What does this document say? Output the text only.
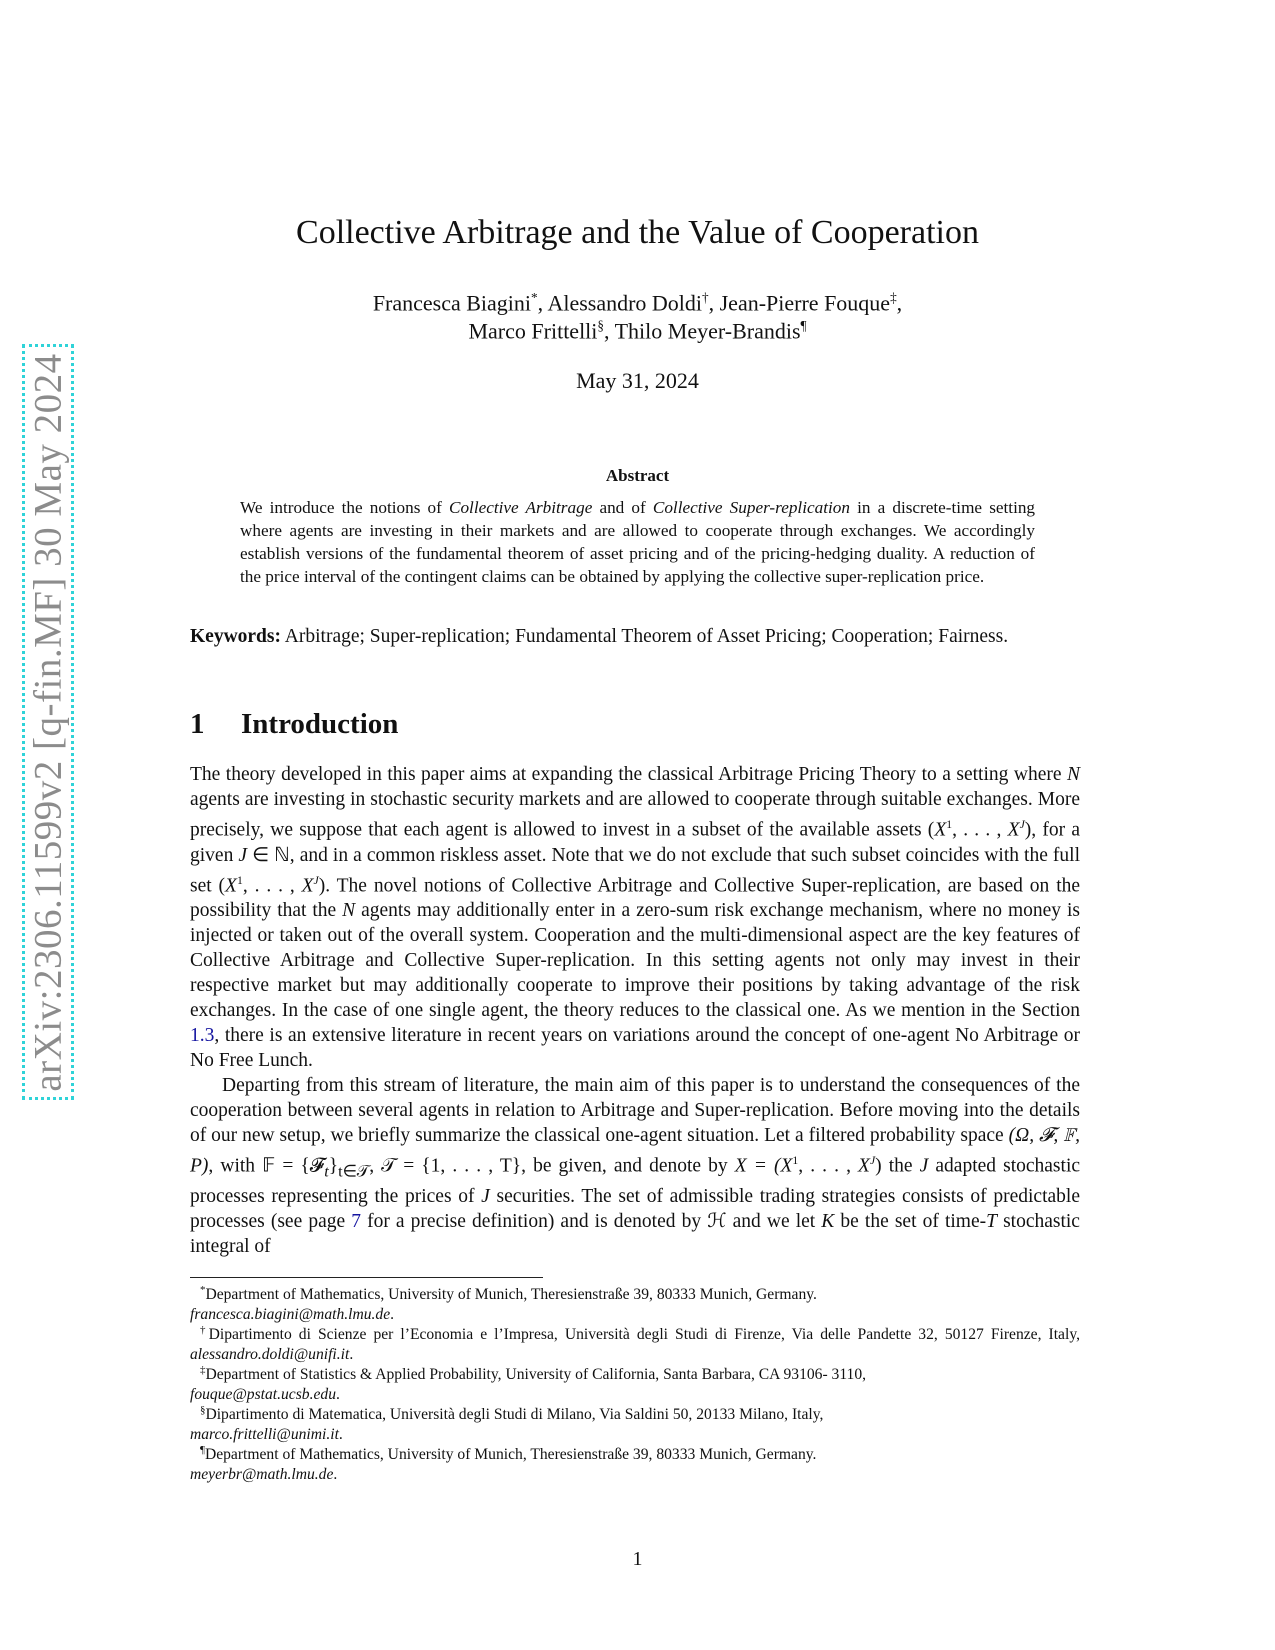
arXiv:2306.11599v2 [q-fin.MF] 30 May 2024
Collective Arbitrage and the Value of Cooperation
Francesca Biagini*, Alessandro Doldi†, Jean-Pierre Fouque‡,
Marco Frittelli§, Thilo Meyer-Brandis¶
May 31, 2024
Abstract
We introduce the notions of Collective Arbitrage and of Collective Super-replication in a discrete-time setting where agents are investing in their markets and are allowed to cooperate through exchanges. We accordingly establish versions of the fundamental theorem of asset pricing and of the pricing-hedging duality. A reduction of the price interval of the contingent claims can be obtained by applying the collective super-replication price.
Keywords: Arbitrage; Super-replication; Fundamental Theorem of Asset Pricing; Cooperation; Fairness.
1 Introduction

The theory developed in this paper aims at expanding the classical Arbitrage Pricing Theory to a setting where N agents are investing in stochastic security markets and are allowed to cooperate through suitable exchanges. More precisely, we suppose that each agent is allowed to invest in a subset of the available assets ($X^1$, . . . , $X^J$), for a given J ∈ ℕ, and in a common riskless asset. Note that we do not exclude that such subset coincides with the full set ($X^1$, . . . , $X^J$). The novel notions of Collective Arbitrage and Collective Super-replication, are based on the possibility that the N agents may additionally enter in a zero-sum risk exchange mechanism, where no money is injected or taken out of the overall system. Cooperation and the multi-dimensional aspect are the key features of Collective Arbitrage and Collective Super-replication. In this setting agents not only may invest in their respective market but may additionally cooperate to improve their positions by taking advantage of the risk exchanges. In the case of one single agent, the theory reduces to the classical one. As we mention in the Section 1.3, there is an extensive literature in recent years on variations around the concept of one-agent No Arbitrage or No Free Lunch.

Departing from this stream of literature, the main aim of this paper is to understand the consequences of the cooperation between several agents in relation to Arbitrage and Super-replication. Before moving into the details of our new setup, we briefly summarize the classical one-agent situation. Let a filtered probability space (Ω, 𝓕, 𝔽, P), with 𝔽 = $\{𝓕_t\}_{t\in 𝒯}$, 𝒯 = {1, . . . , T}, be given, and denote by $X = (X^1$, . . . , $X^J$) the J adapted stochastic processes representing the prices of J securities. The set of admissible trading strategies consists of predictable processes (see page 7 for a precise definition) and is denoted by ℋ and we let K be the set of time-T stochastic integral of

*Department of Mathematics, University of Munich, Theresienstraße 39, 80333 Munich, Germany.
francesca.biagini@math.lmu.de.
†Dipartimento di Scienze per l’Economia e l’Impresa, Università degli Studi di Firenze, Via delle Pandette 32, 50127 Firenze, Italy, alessandro.doldi@unifi.it.
‡Department of Statistics & Applied Probability, University of California, Santa Barbara, CA 93106- 3110,
fouque@pstat.ucsb.edu.
§Dipartimento di Matematica, Università degli Studi di Milano, Via Saldini 50, 20133 Milano, Italy,
marco.frittelli@unimi.it.
¶Department of Mathematics, University of Munich, Theresienstraße 39, 80333 Munich, Germany.
meyerbr@math.lmu.de.
1
